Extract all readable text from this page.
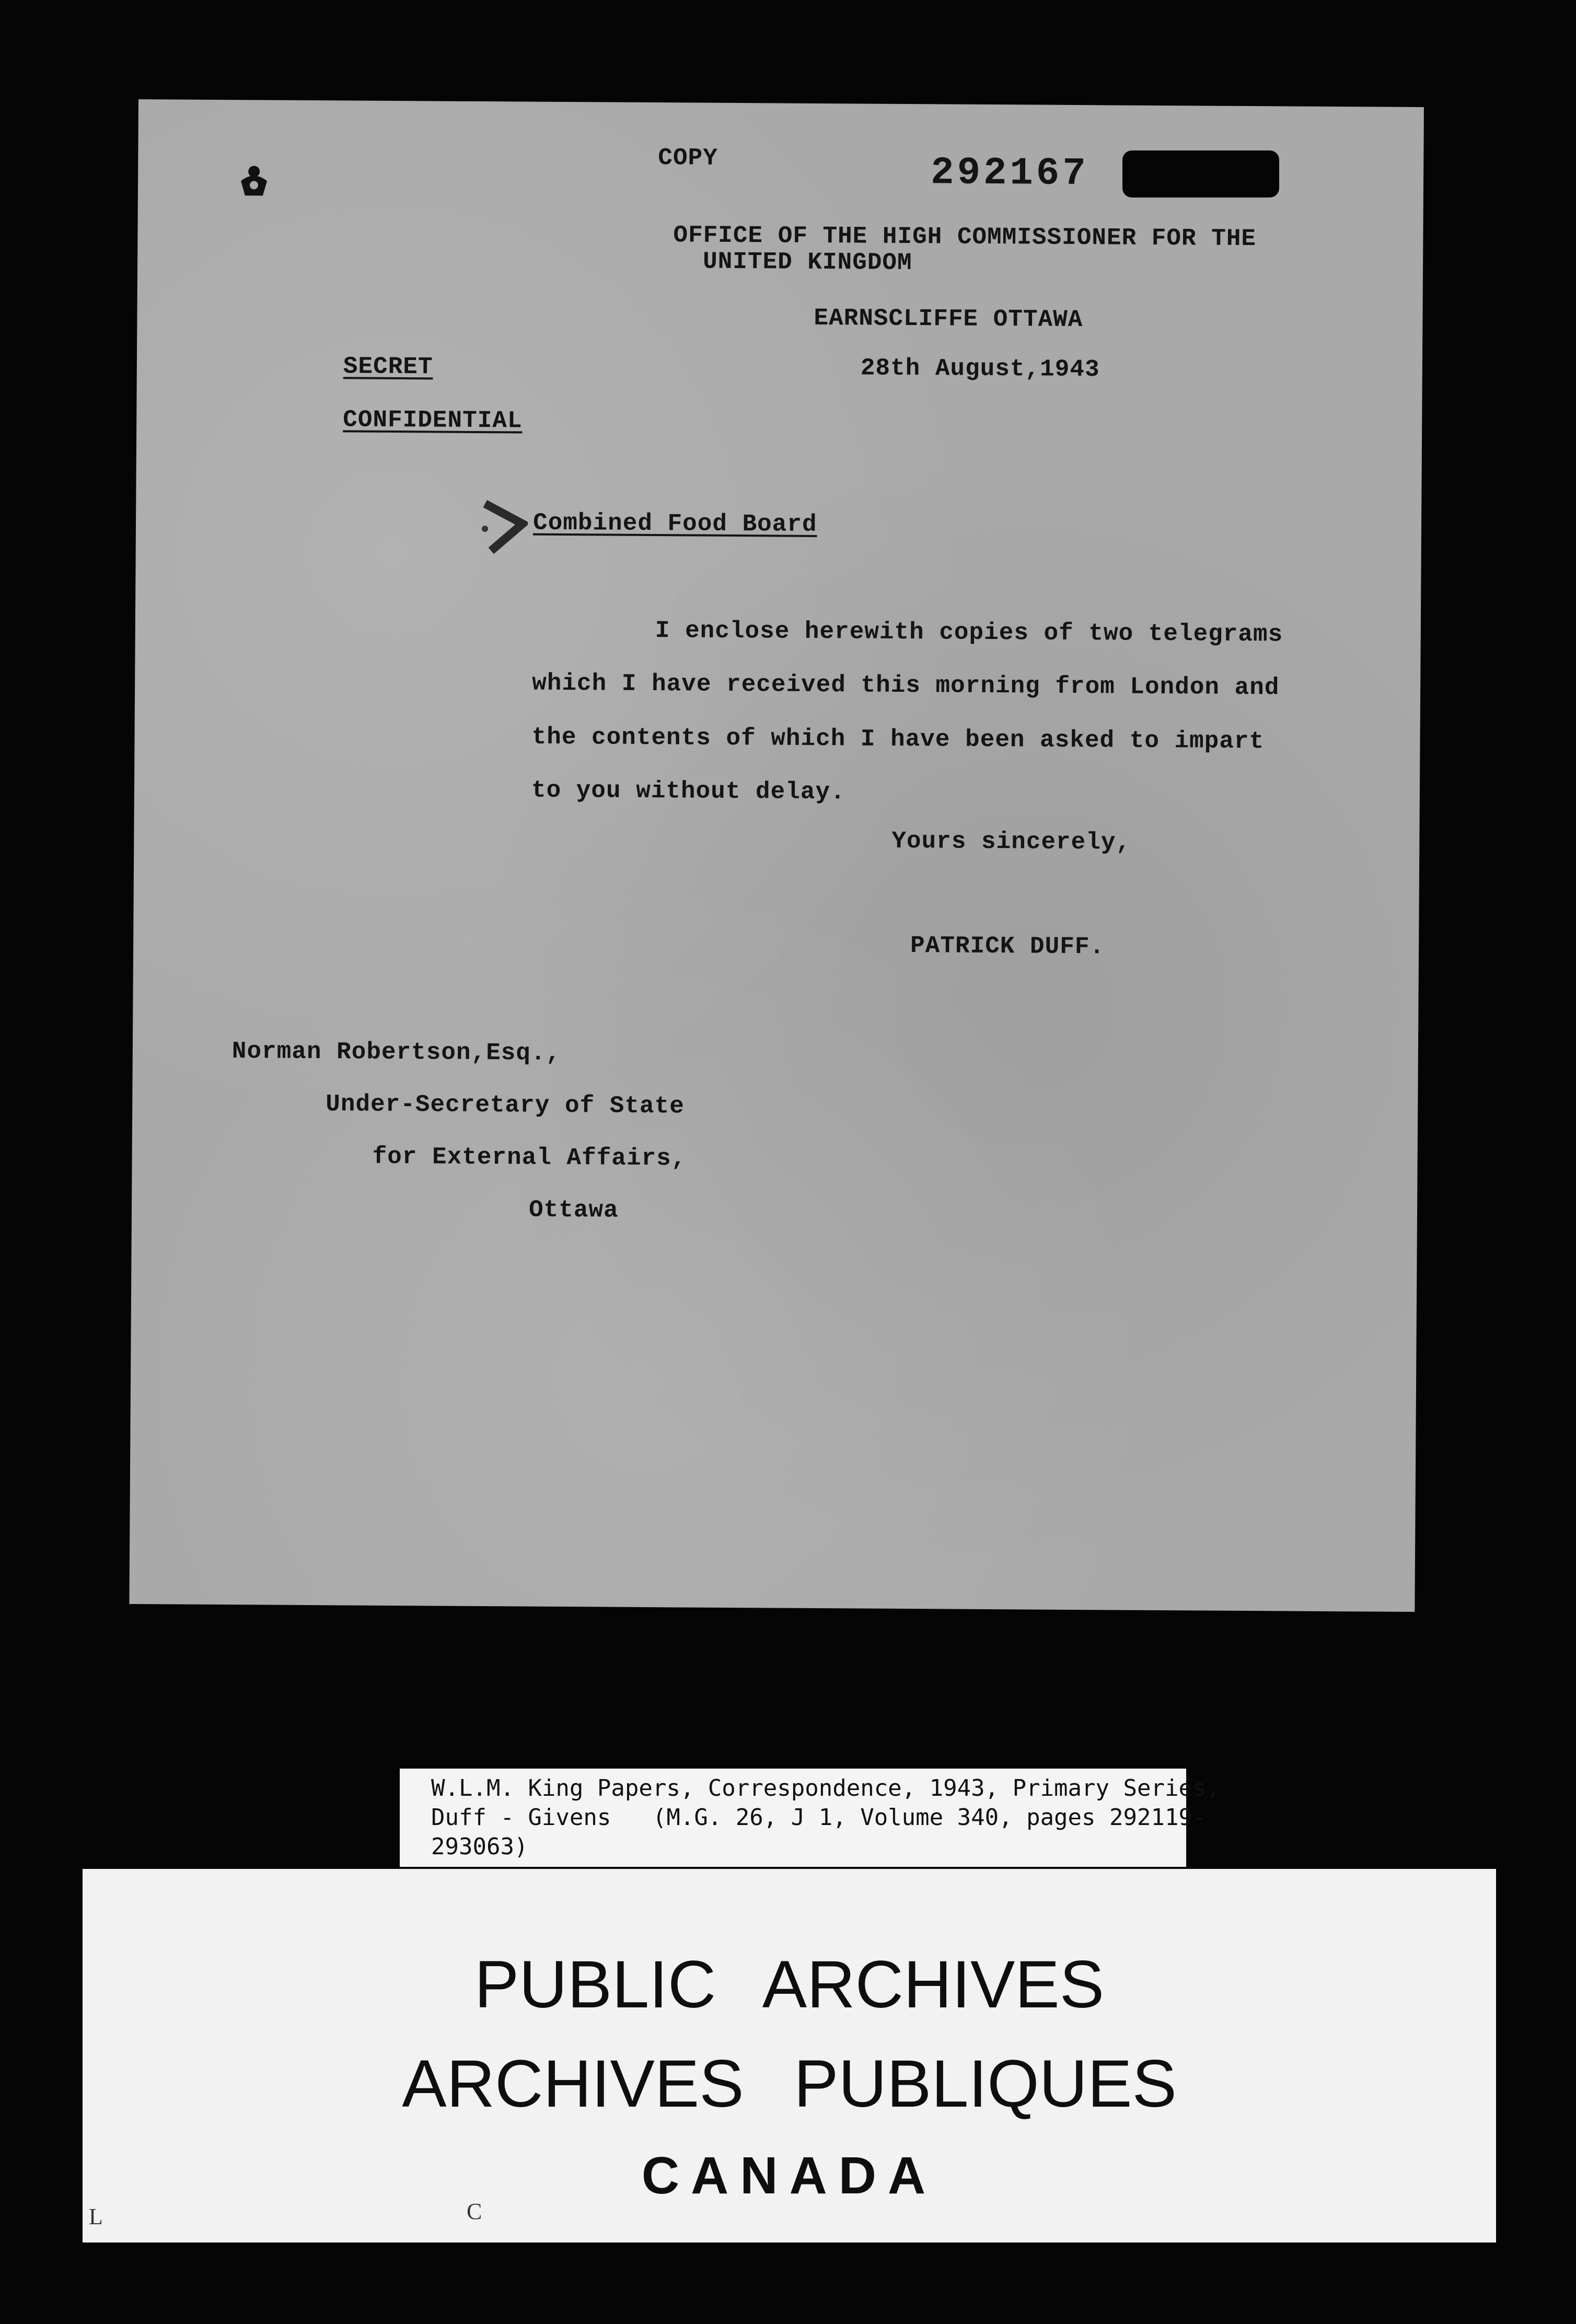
COPY	292167
OFFICE OF THE HIGH COMMISSIONER FOR THE
UNITED KINGDOM
EARNSCLIFFE OTTAWA
28th August,1943
SECRET
CONFIDENTIAL
Combined Food Board
I enclose herewith copies of two telegrams
which I have received this morning from London and
the contents of which I have been asked to impart
to you without delay.
Yours sincerely,
PATRICK DUFF.
Norman Robertson,Esq.,
Under-Secretary of State
for External Affairs,
Ottawa
W.L.M. King Papers, Correspondence, 1943, Primary Series,
Duff - Givens   (M.G. 26, J 1, Volume 340, pages 292119-
293063)
PUBLIC ARCHIVES
ARCHIVES PUBLIQUES
CANADA
L	C
